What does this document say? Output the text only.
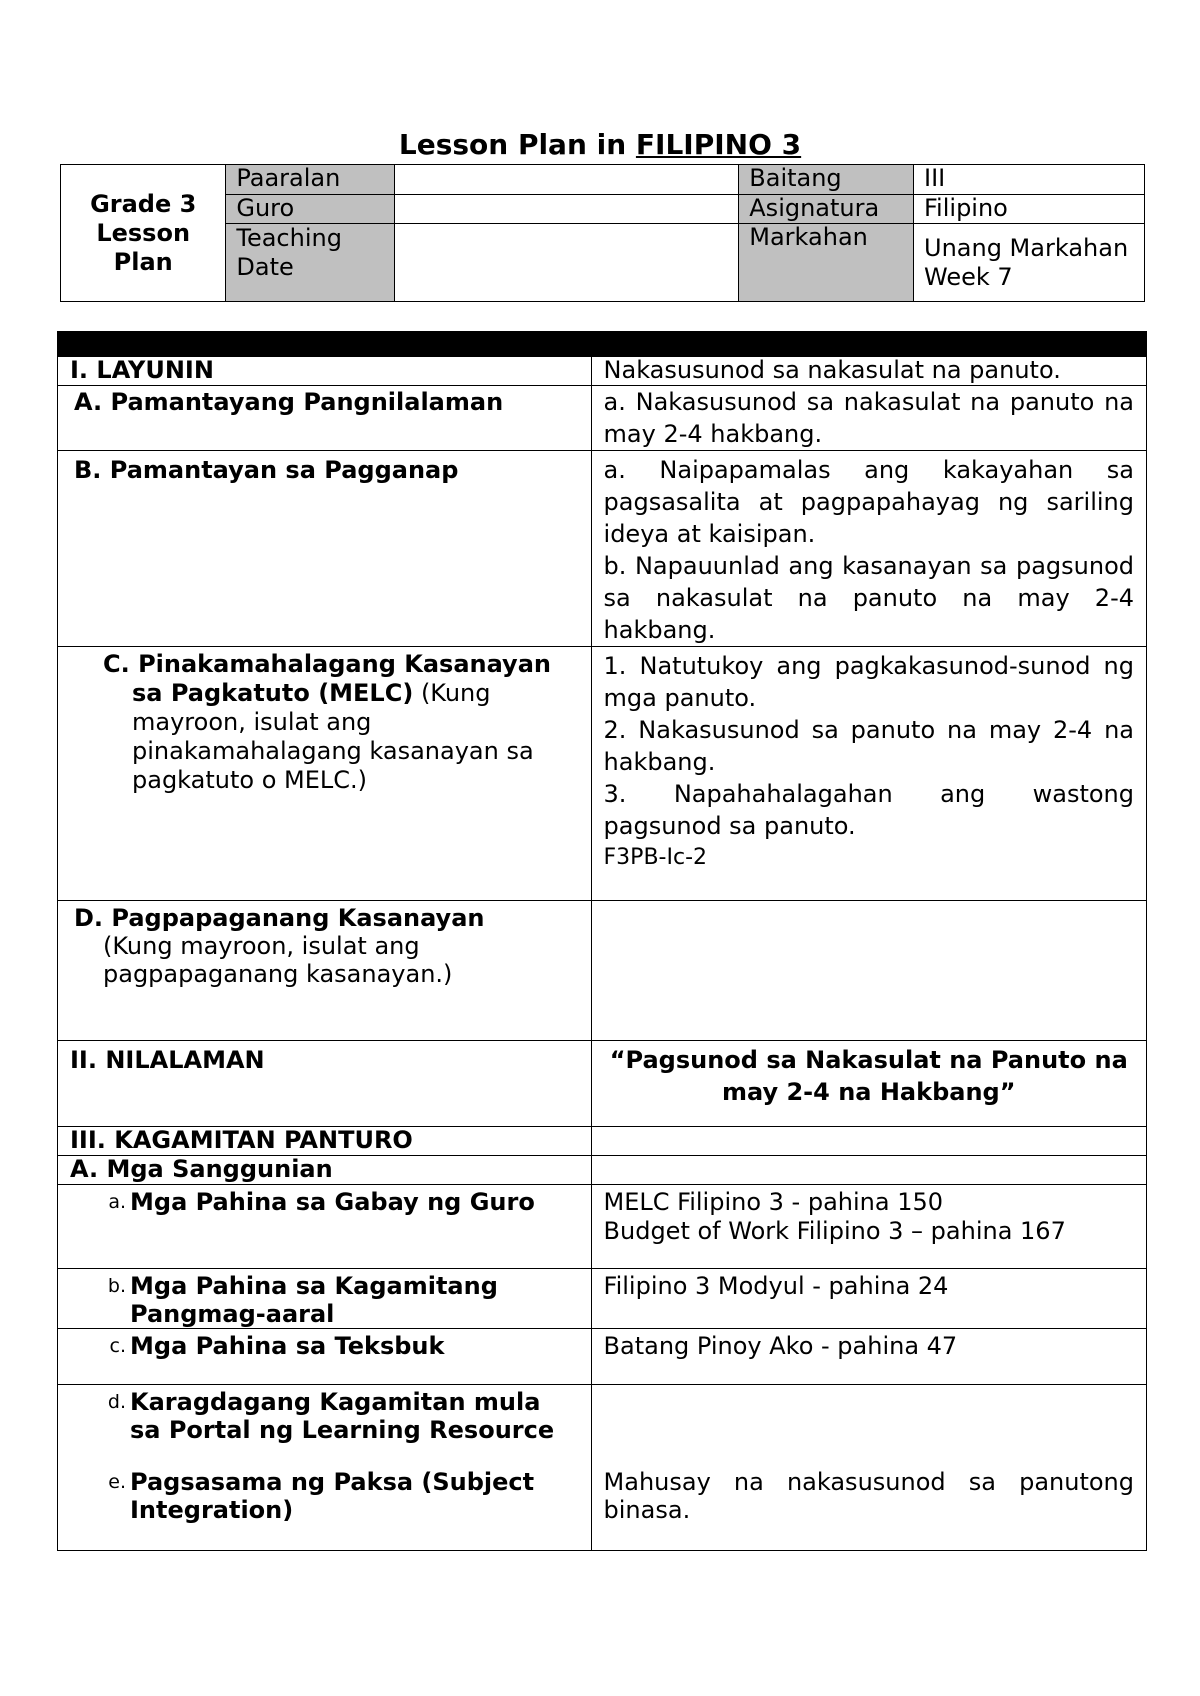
Lesson Plan in FILIPINO 3
Grade 3
Lesson
Plan	Paaralan		Baitang	III
	Guro		Asignatura	Filipino

	Teaching Date		Markahan	Unang Markahan Week 7

I. LAYUNIN	Nakasusunod sa nakasulat na panuto.
A. Pamantayang Pangnilalaman	a. Nakasusunod sa nakasulat na panuto na may 2-4 hakbang.
B. Pamantayan sa Pagganap	a. Naipapamalas ang kakayahan sa pagsasalita at pagpapahayag ng sariling ideya at kaisipan.

b. Napauunlad ang kasanayan sa pagsunod sa nakasulat na panuto na may 2-4 hakbang.

C. Pinakamahalagang Kasanayan sa Pagkatuto (MELC) (Kung mayroon, isulat ang pinakamahalagang kasanayan sa pagkatuto o MELC.)	1. Natutukoy ang pagkakasunod-sunod ng mga panuto.

2. Nakasusunod sa panuto na may 2-4 na hakbang.

3. Napahahalagahan ang wastong pagsunod sa panuto.

F3PB-Ic-2

D. Pagpapaganang Kasanayan

(Kung mayroon, isulat ang pagpapaganang kasanayan.)	

II. NILALAMAN	“Pagsunod sa Nakasulat na Panuto na may 2-4 na Hakbang”
III. KAGAMITAN PANTURO	
A. Mga Sanggunian	

a. Mga Pahina sa Gabay ng Guro	MELC Filipino 3 - pahina 150
Budget of Work Filipino 3 – pahina 167

b. Mga Pahina sa Kagamitang Pangmag-aaral	Filipino 3 Modyul - pahina 24

c. Mga Pahina sa Teksbuk	Batang Pinoy Ako - pahina 47

d. Karagdagang Kagamitan mula sa Portal ng Learning Resource
e. Pagsasama ng Paksa (Subject Integration)	Mahusay na nakasusunod sa panutong binasa.
